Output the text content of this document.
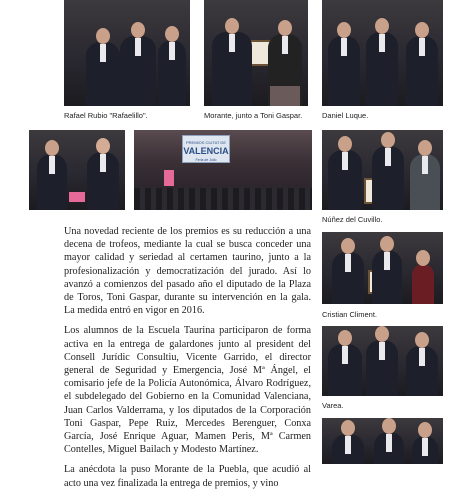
Rafael Rubio "Rafaelillo".	Morante, junto a Toni Gaspar.	Daniel Luque.
PREMIOS CIUTAT DE
VALENCIA
Feria de Julio
Núñez del Cuvillo.
Cristian Climent.
Varea.

Una novedad reciente de los premios es su reducción a una decena de trofeos, mediante la cual se busca conceder una mayor calidad y seriedad al certamen taurino, junto a la profesionalización y democratización del jurado. Así lo avanzó a comienzos del pasado año el diputado de la Plaza de Toros, Toni Gaspar, durante su intervención en la gala. La medida entró en vigor en 2016.

Los alumnos de la Escuela Taurina participaron de forma activa en la entrega de galardones junto al president del Consell Jurídic Consultiu, Vicente Garrido, el director general de Seguridad y Emergencia, José Mª Ángel, el comisario jefe de la Policía Autonómica, Álvaro Rodríguez, el subdelegado del Gobierno en la Comunidad Valenciana, Juan Carlos Valderrama, y los diputados de la Corporación Toni Gaspar, Pepe Ruiz, Mercedes Berenguer, Conxa García, José Enrique Aguar, Mamen Peris, Mª Carmen Contelles, Miguel Bailach y Modesto Martínez.

La anécdota la puso Morante de la Puebla, que acudió al acto una vez finalizada la entrega de premios, y vino
